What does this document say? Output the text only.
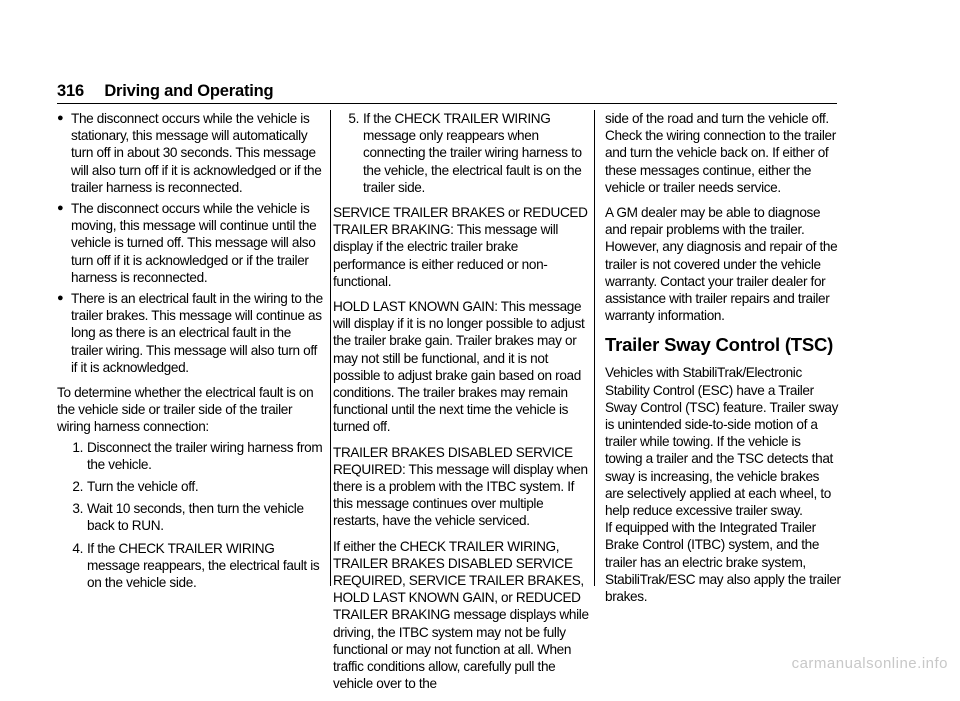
316 Driving and Operating
● The disconnect occurs while the vehicle is stationary, this message will automatically turn off in about 30 seconds. This message will also turn off if it is acknowledged or if the trailer harness is reconnected.
● The disconnect occurs while the vehicle is moving, this message will continue until the vehicle is turned off. This message will also turn off if it is acknowledged or if the trailer harness is reconnected.
● There is an electrical fault in the wiring to the trailer brakes. This message will continue as long as there is an electrical fault in the trailer wiring. This message will also turn off if it is acknowledged.

To determine whether the electrical fault is on the vehicle side or trailer side of the trailer wiring harness connection:

1. Disconnect the trailer wiring harness from the vehicle.
2. Turn the vehicle off.
3. Wait 10 seconds, then turn the vehicle back to RUN.
4. If the CHECK TRAILER WIRING message reappears, the electrical fault is on the vehicle side.
5. If the CHECK TRAILER WIRING message only reappears when connecting the trailer wiring harness to the vehicle, the electrical fault is on the trailer side.

SERVICE TRAILER BRAKES or REDUCED TRAILER BRAKING: This message will display if the electric trailer brake performance is either reduced or non-functional.

HOLD LAST KNOWN GAIN: This message will display if it is no longer possible to adjust the trailer brake gain. Trailer brakes may or may not still be functional, and it is not possible to adjust brake gain based on road conditions. The trailer brakes may remain functional until the next time the vehicle is turned off.

TRAILER BRAKES DISABLED SERVICE REQUIRED: This message will display when there is a problem with the ITBC system. If this message continues over multiple restarts, have the vehicle serviced.

If either the CHECK TRAILER WIRING, TRAILER BRAKES DISABLED SERVICE REQUIRED, SERVICE TRAILER BRAKES, HOLD LAST KNOWN GAIN, or REDUCED TRAILER BRAKING message displays while driving, the ITBC system may not be fully functional or may not function at all. When traffic conditions allow, carefully pull the vehicle over to the

side of the road and turn the vehicle off. Check the wiring connection to the trailer and turn the vehicle back on. If either of these messages continue, either the vehicle or trailer needs service.

A GM dealer may be able to diagnose and repair problems with the trailer. However, any diagnosis and repair of the trailer is not covered under the vehicle warranty. Contact your trailer dealer for assistance with trailer repairs and trailer warranty information.

Trailer Sway Control (TSC)

Vehicles with StabiliTrak/Electronic Stability Control (ESC) have a Trailer Sway Control (TSC) feature. Trailer sway is unintended side-to-side motion of a trailer while towing. If the vehicle is towing a trailer and the TSC detects that sway is increasing, the vehicle brakes are selectively applied at each wheel, to help reduce excessive trailer sway.

If equipped with the Integrated Trailer Brake Control (ITBC) system, and the trailer has an electric brake system, StabiliTrak/ESC may also apply the trailer brakes.

carmanualsonline.info
